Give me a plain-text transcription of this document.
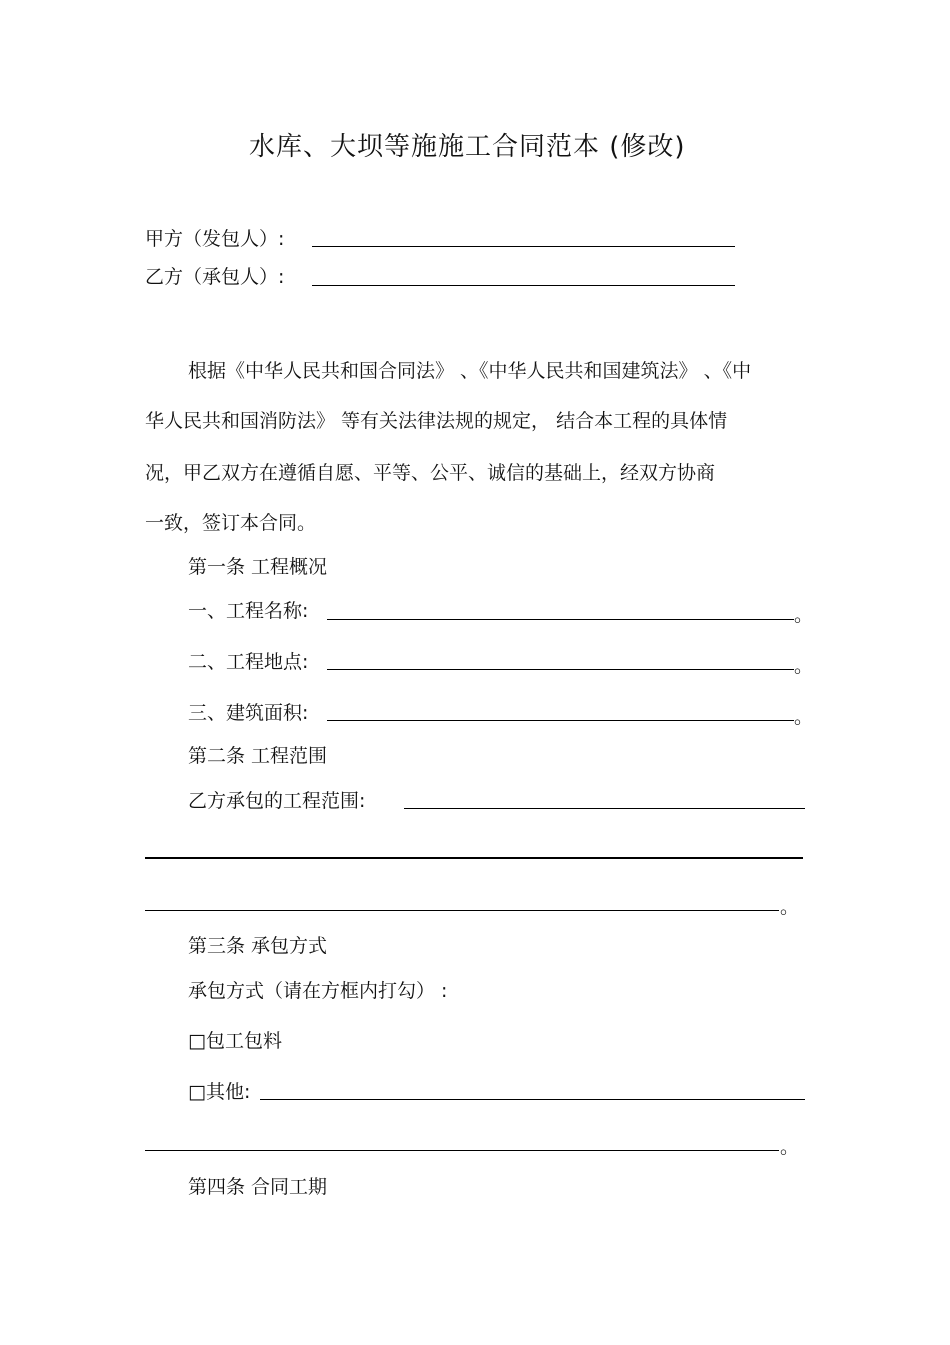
水库、大坝等施施工合同范本 (修改)
甲方（发包人）:
乙方（承包人）:
根据《中华人民共和国合同法》 、《中华人民共和国建筑法》 、《中
华人民共和国消防法》 等有关法律法规的规定， 结合本工程的具体情
况，甲乙双方在遵循自愿、平等、公平、诚信的基础上，经双方协商
一致，签订本合同。
第一条 工程概况
一、工程名称:	。
二、工程地点:	。
三、建筑面积:	。
第二条 工程范围
乙方承包的工程范围:
。
第三条 承包方式
承包方式（请在方框内打勾） :
□包工包料
□其他:
。
第四条 合同工期
